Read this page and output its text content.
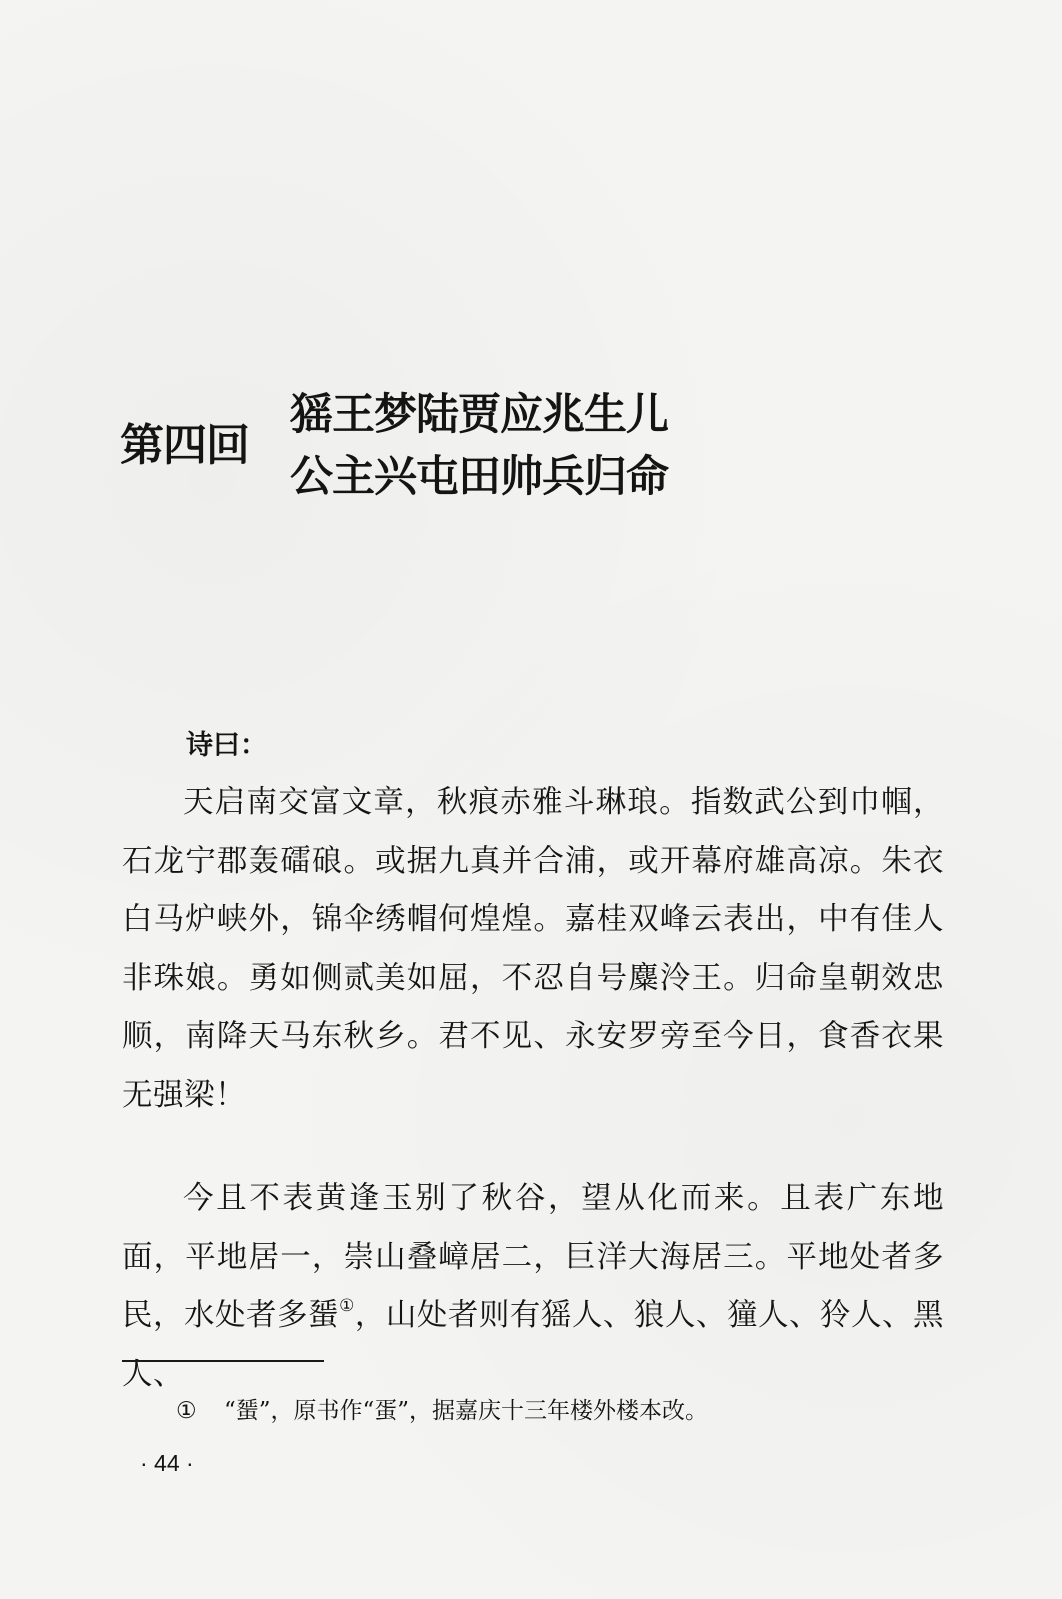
第四回
猺王梦陆贾应兆生儿
公主兴屯田帅兵归命
诗曰：
天启南交富文章，秋痕赤雅斗琳琅。指数武公到巾帼，石龙宁郡轰礌硠。或据九真并合浦，或开幕府雄高凉。朱衣白马炉峡外，锦伞绣帽何煌煌。嘉桂双峰云表出，中有佳人非珠娘。勇如侧贰美如屈，不忍自号麋泠王。归命皇朝效忠顺，南降天马东秋乡。君不见、永安罗旁至今日，食香衣果无强梁！
今且不表黄逢玉别了秋谷，望从化而来。且表广东地面，平地居一，崇山叠嶂居二，巨洋大海居三。平地处者多民，水处者多蜑①，山处者则有猺人、狼人、獞人、狑人、黑人、
① “蜑”，原书作“蛋”，据嘉庆十三年楼外楼本改。
· 44 ·
